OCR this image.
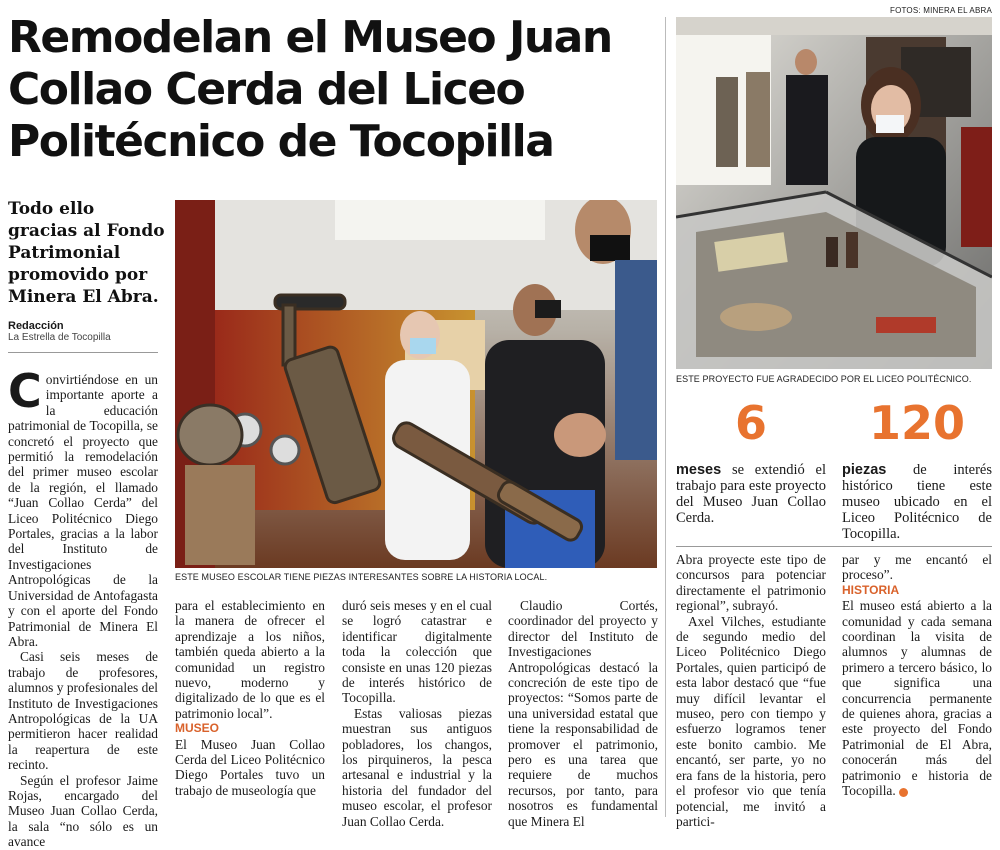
FOTOS: MINERA EL ABRA
Remodelan el Museo Juan Collao Cerda del Liceo Politécnico de Tocopilla

Todo ello gracias al Fondo Patrimonial promovido por Minera El Abra.

Redacción
La Estrella de Tocopilla
ESTE MUSEO ESCOLAR TIENE PIEZAS INTERESANTES SOBRE LA HISTORIA LOCAL.
ESTE PROYECTO FUE AGRADECIDO POR EL LICEO POLITÉCNICO.
6

meses se extendió el trabajo para este proyecto del Museo Juan Collao Cerda.

120

piezas de interés histórico tiene este museo ubicado en el Liceo Politécnico de Tocopilla.

Convirtiéndose en un importante aporte a la educación patrimonial de Tocopilla, se concretó el proyecto que permitió la remodelación del primer museo escolar de la región, el llamado “Juan Collao Cerda” del Liceo Politécnico Diego Portales, gracias a la labor del Instituto de Investigaciones Antropológicas de la Universidad de Antofagasta y con el aporte del Fondo Patrimonial de Minera El Abra.

Casi seis meses de trabajo de profesores, alumnos y profesionales del Instituto de Investigaciones Antropológicas de la UA permitieron hacer realidad la reapertura de este recinto.

Según el profesor Jaime Rojas, encargado del Museo Juan Collao Cerda, la sala “no sólo es un avance

para el establecimiento en la manera de ofrecer el aprendizaje a los niños, también queda abierto a la comunidad un registro nuevo, moderno y digitalizado de lo que es el patrimonio local”.

MUSEO

El Museo Juan Collao Cerda del Liceo Politécnico Diego Portales tuvo un trabajo de museología que

duró seis meses y en el cual se logró catastrar e identificar digitalmente toda la colección que consiste en unas 120 piezas de interés histórico de Tocopilla.

Estas valiosas piezas muestran sus antiguos pobladores, los changos, los pirquineros, la pesca artesanal e industrial y la historia del fundador del museo escolar, el profesor Juan Collao Cerda.

Claudio Cortés, coordinador del proyecto y director del Instituto de Investigaciones Antropológicas destacó la concreción de este tipo de proyectos: “Somos parte de una universidad estatal que tiene la responsabilidad de promover el patrimonio, pero es una tarea que requiere de muchos recursos, por tanto, para nosotros es fundamental que Minera El

Abra proyecte este tipo de concursos para potenciar directamente el patrimonio regional”, subrayó.

Axel Vilches, estudiante de segundo medio del Liceo Politécnico Diego Portales, quien participó de esta labor destacó que “fue muy difícil levantar el museo, pero con tiempo y esfuerzo logramos tener este bonito cambio. Me encantó, ser parte, yo no era fans de la historia, pero el profesor vio que tenía potencial, me invitó a partici-

par y me encantó el proceso”.

HISTORIA

El museo está abierto a la comunidad y cada semana coordinan la visita de alumnos y alumnas de primero a tercero básico, lo que significa una concurrencia permanente de quienes ahora, gracias a este proyecto del Fondo Patrimonial de El Abra, conocerán más del patrimonio e historia de Tocopilla.
